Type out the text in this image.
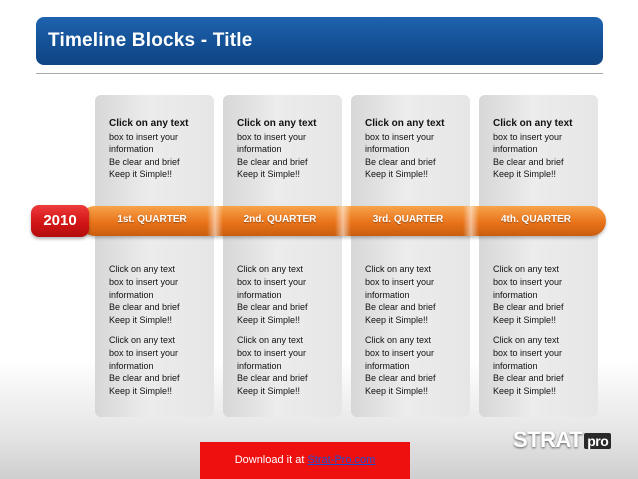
Timeline Blocks - Title
Click on any text
box to insert your
information
Be clear and brief
Keep it Simple!!
Click on any text
box to insert your
information
Be clear and brief
Keep it Simple!!
Click on any text
box to insert your
information
Be clear and brief
Keep it Simple!!
Click on any text
box to insert your
information
Be clear and brief
Keep it Simple!!
Click on any text
box to insert your
information
Be clear and brief
Keep it Simple!!
Click on any text
box to insert your
information
Be clear and brief
Keep it Simple!!
Click on any text
box to insert your
information
Be clear and brief
Keep it Simple!!
Click on any text
box to insert your
information
Be clear and brief
Keep it Simple!!
Click on any text
box to insert your
information
Be clear and brief
Keep it Simple!!
Click on any text
box to insert your
information
Be clear and brief
Keep it Simple!!
Click on any text
box to insert your
information
Be clear and brief
Keep it Simple!!
Click on any text
box to insert your
information
Be clear and brief
Keep it Simple!!
1st. QUARTER	2nd. QUARTER	3rd. QUARTER	4th. QUARTER
2010
Download it at Strat-Pro.com
STRAT pro
